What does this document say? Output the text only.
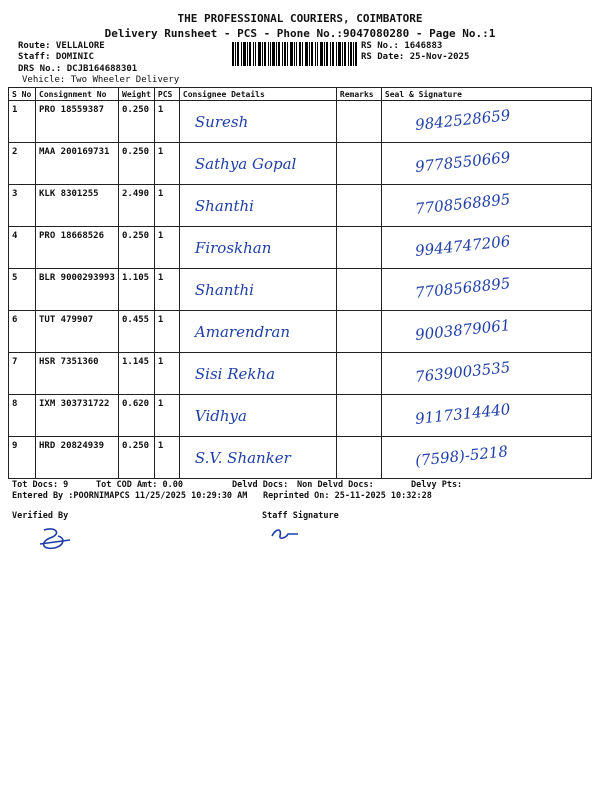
THE PROFESSIONAL COURIERS, COIMBATORE
Delivery Runsheet - PCS - Phone No.:9047080280 - Page No.:1
Route: VELLALORE
Staff: DOMINIC
DRS No.: DCJB164688301
Vehicle: Two Wheeler Delivery
RS No.: 1646883
RS Date: 25-Nov-2025
S No	Consignment No	Weight	PCS	Consignee Details	Remarks	Seal & Signature
1	PRO 18559387	0.250	1	Suresh		9842528659
2	MAA 200169731	0.250	1	Sathya Gopal		9778550669
3	KLK 8301255	2.490	1	Shanthi		7708568895
4	PRO 18668526	0.250	1	Firoskhan		9944747206
5	BLR 9000293993	1.105	1	Shanthi		7708568895
6	TUT 479907	0.455	1	Amarendran		9003879061
7	HSR 7351360	1.145	1	Sisi Rekha		7639003535
8	IXM 303731722	0.620	1	Vidhya		9117314440
9	HRD 20824939	0.250	1	S.V. Shanker		(7598)-5218
Tot Docs: 9	Tot COD Amt: 0.00	Delvd Docs: Non Delvd Docs:	Delvy Pts:
Entered By :POORNIMAPCS 11/25/2025 10:29:30 AM Reprinted On: 25-11-2025 10:32:28
Verified By	Staff Signature
